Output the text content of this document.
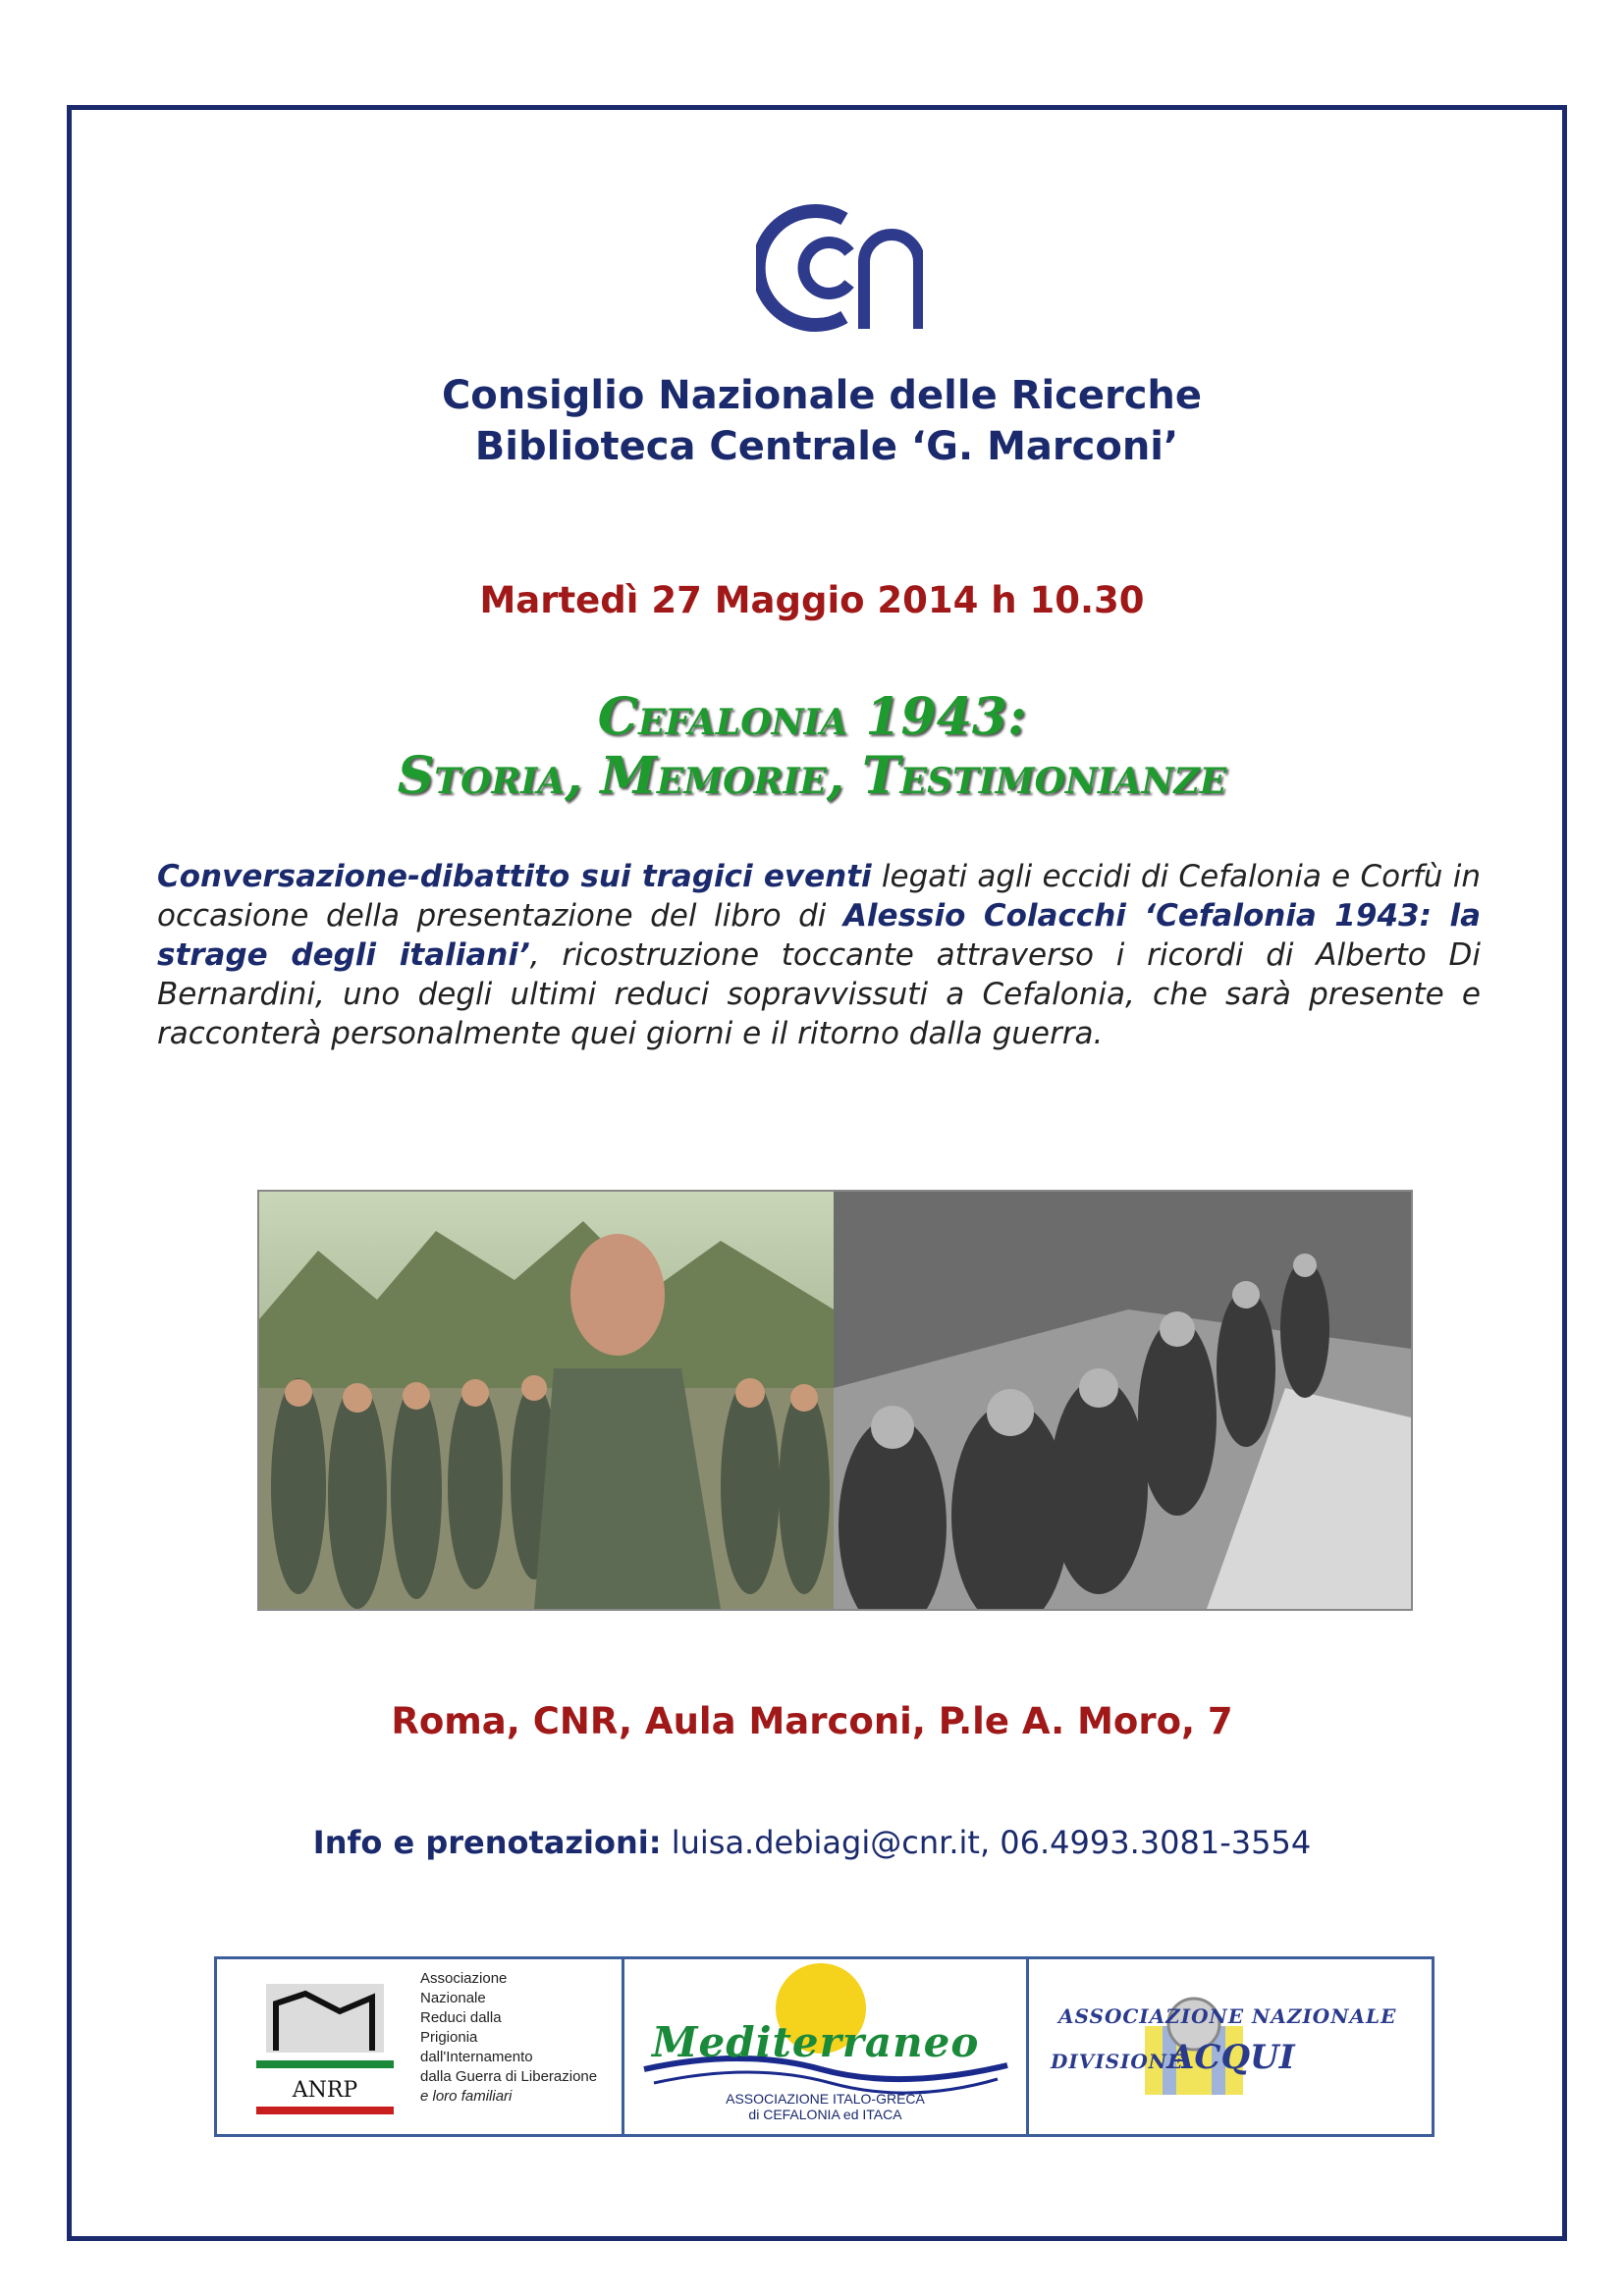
Consiglio Nazionale delle Ricerche
Biblioteca Centrale ‘G. Marconi’
Martedì 27 Maggio 2014 h 10.30
Cefalonia 1943:
Storia, Memorie, Testimonianze
Conversazione-dibattito sui tragici eventi legati agli eccidi di Cefalonia e Corfù in occasione della presentazione del libro di Alessio Colacchi ‘Cefalonia 1943: la strage degli italiani’, ricostruzione toccante attraverso i ricordi di Alberto Di Bernardini, uno degli ultimi reduci sopravvissuti a Cefalonia, che sarà presente e racconterà personalmente quei giorni e il ritorno dalla guerra.
Roma, CNR, Aula Marconi, P.le A. Moro, 7
Info e prenotazioni: luisa.debiagi@cnr.it, 06.4993.3081-3554
ANRP
Associazione
Nazionale
Reduci dalla
Prigionia
dall'Internamento
dalla Guerra di Liberazione
e loro familiari
Mediterraneo
ASSOCIAZIONE ITALO-GRECA
di CEFALONIA ed ITACA
ASSOCIAZIONE NAZIONALE
DIVISIONE
ACQUI
